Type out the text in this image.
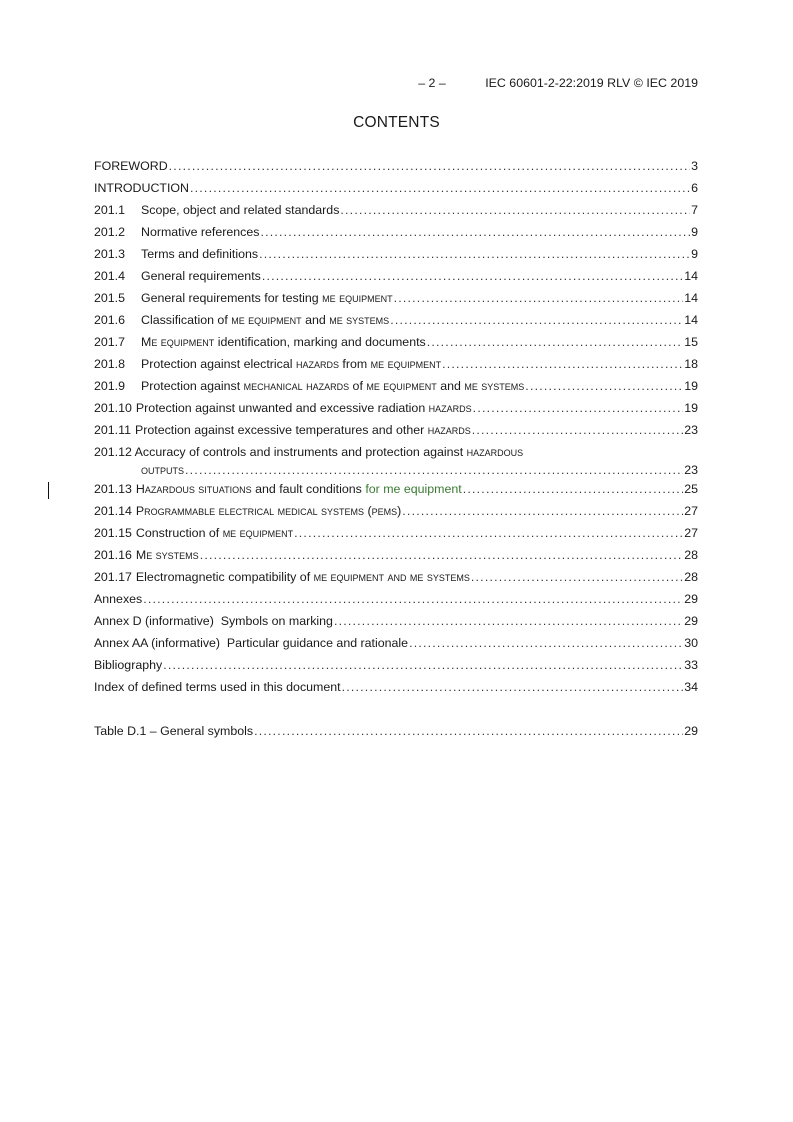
– 2 –	IEC 60601-2-22:2019 RLV © IEC 2019
CONTENTS
FOREWORD .....	3
INTRODUCTION .....	6
201.1	Scope, object and related standards .....	7
201.2	Normative references .....	9
201.3	Terms and definitions .....	9
201.4	General requirements .....	14
201.5	General requirements for testing me equipment .....	14
201.6	Classification of me equipment and me systems .....	14
201.7	Me equipment identification, marking and documents .....	15
201.8	Protection against electrical hazards from me equipment .....	18
201.9	Protection against mechanical hazards of me equipment and me systems .....	19
201.10 Protection against unwanted and excessive radiation hazards .....	19
201.11 Protection against excessive temperatures and other hazards .....	23
201.12 Accuracy of controls and instruments and protection against hazardous
outputs .....	23
201.13 Hazardous situations and fault conditions for me equipment .....	25
201.14 Programmable electrical medical systems (pems) .....	27
201.15 Construction of me equipment .....	27
201.16 Me systems .....	28
201.17 Electromagnetic compatibility of me equipment and me systems .....	28
Annexes .....	29
Annex D (informative)  Symbols on marking .....	29
Annex AA (informative)  Particular guidance and rationale .....	30
Bibliography .....	33
Index of defined terms used in this document .....	34
Table D.1 – General symbols .....	29
